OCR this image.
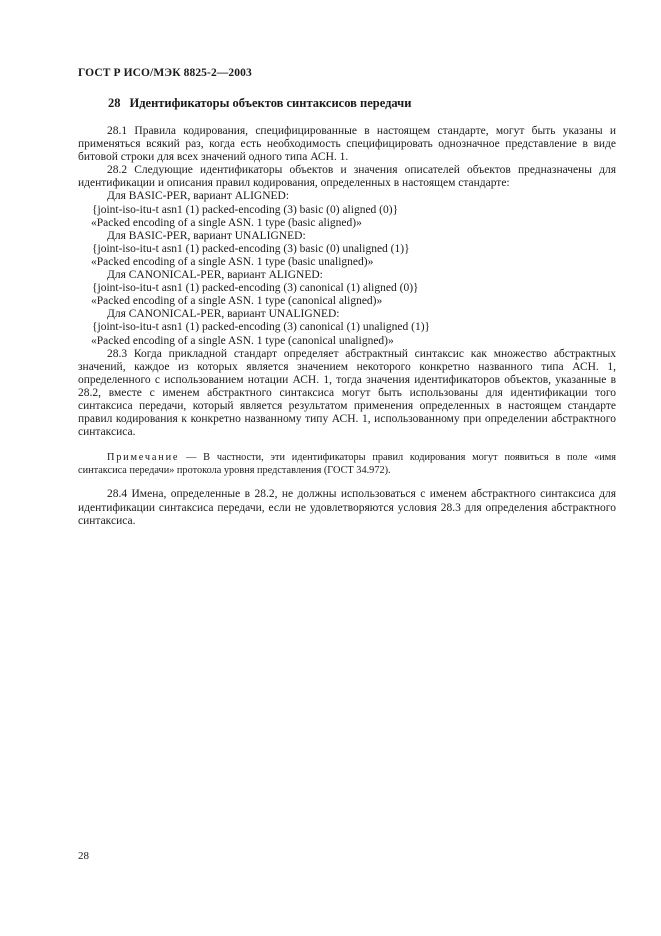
ГОСТ Р ИСО/МЭК 8825-2—2003
28 Идентификаторы объектов синтаксисов передачи

28.1 Правила кодирования, специфицированные в настоящем стандарте, могут быть указаны и применяться всякий раз, когда есть необходимость специфицировать однозначное представление в виде битовой строки для всех значений одного типа АСН. 1.

28.2 Следующие идентификаторы объектов и значения описателей объектов предназначены для идентификации и описания правил кодирования, определенных в настоящем стандарте:

Для BASIC-PER, вариант ALIGNED:
{joint-iso-itu-t asn1 (1) packed-encoding (3) basic (0) aligned (0)}
«Packed encoding of a single ASN. 1 type (basic aligned)»
Для BASIC-PER, вариант UNALIGNED:
{joint-iso-itu-t asn1 (1) packed-encoding (3) basic (0) unaligned (1)}
«Packed encoding of a single ASN. 1 type (basic unaligned)»
Для CANONICAL-PER, вариант ALIGNED:
{joint-iso-itu-t asn1 (1) packed-encoding (3) canonical (1) aligned (0)}
«Packed encoding of a single ASN. 1 type (canonical aligned)»
Для CANONICAL-PER, вариант UNALIGNED:
{joint-iso-itu-t asn1 (1) packed-encoding (3) canonical (1) unaligned (1)}
«Packed encoding of a single ASN. 1 type (canonical unaligned)»

28.3 Когда прикладной стандарт определяет абстрактный синтаксис как множество абстрактных значений, каждое из которых является значением некоторого конкретно названного типа АСН. 1, определенного с использованием нотации АСН. 1, тогда значения идентификаторов объектов, указанные в 28.2, вместе с именем абстрактного синтаксиса могут быть использованы для идентификации того синтаксиса передачи, который является результатом применения определенных в настоящем стандарте правил кодирования к конкретно названному типу АСН. 1, использованному при определении абстрактного синтаксиса.

Примечание — В частности, эти идентификаторы правил кодирования могут появиться в поле «имя синтаксиса передачи» протокола уровня представления (ГОСТ 34.972).

28.4 Имена, определенные в 28.2, не должны использоваться с именем абстрактного синтаксиса для идентификации синтаксиса передачи, если не удовлетворяются условия 28.3 для определения абстрактного синтаксиса.

28
